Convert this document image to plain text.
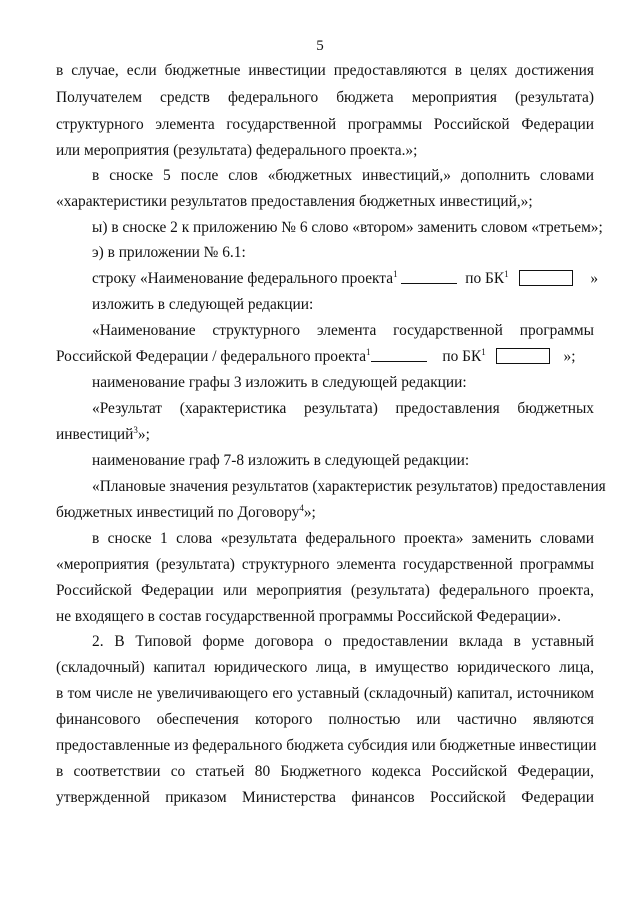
5
в случае, если бюджетные инвестиции предоставляются в целях достижения
Получателем средств федерального бюджета мероприятия (результата)
структурного элемента государственной программы Российской Федерации
или мероприятия (результата) федерального проекта.»;
в сноске 5 после слов «бюджетных инвестиций,» дополнить словами
«характеристики результатов предоставления бюджетных инвестиций,»;
ы) в сноске 2 к приложению № 6 слово «втором» заменить словом «третьем»;
э) в приложении № 6.1:
строку «Наименование федерального проекта$^1$	по $БК^1$	»
изложить в следующей редакции:
«Наименование структурного элемента государственной программы
Российской Федерации / федерального проекта$^1$	по $БК^1$	»;
наименование графы 3 изложить в следующей редакции:
«Результат (характеристика результата) предоставления бюджетных
инвестиций$^3$»;
наименование граф 7-8 изложить в следующей редакции:
«Плановые значения результатов (характеристик результатов) предоставления
бюджетных инвестиций по Договору$^4$»;
в сноске 1 слова «результата федерального проекта» заменить словами
«мероприятия (результата) структурного элемента государственной программы
Российской Федерации или мероприятия (результата) федерального проекта,
не входящего в состав государственной программы Российской Федерации».
2. В Типовой форме договора о предоставлении вклада в уставный
(складочный) капитал юридического лица, в имущество юридического лица,
в том числе не увеличивающего его уставный (складочный) капитал, источником
финансового обеспечения которого полностью или частично являются
предоставленные из федерального бюджета субсидия или бюджетные инвестиции
в соответствии со статьей 80 Бюджетного кодекса Российской Федерации,
утвержденной приказом Министерства финансов Российской Федерации
